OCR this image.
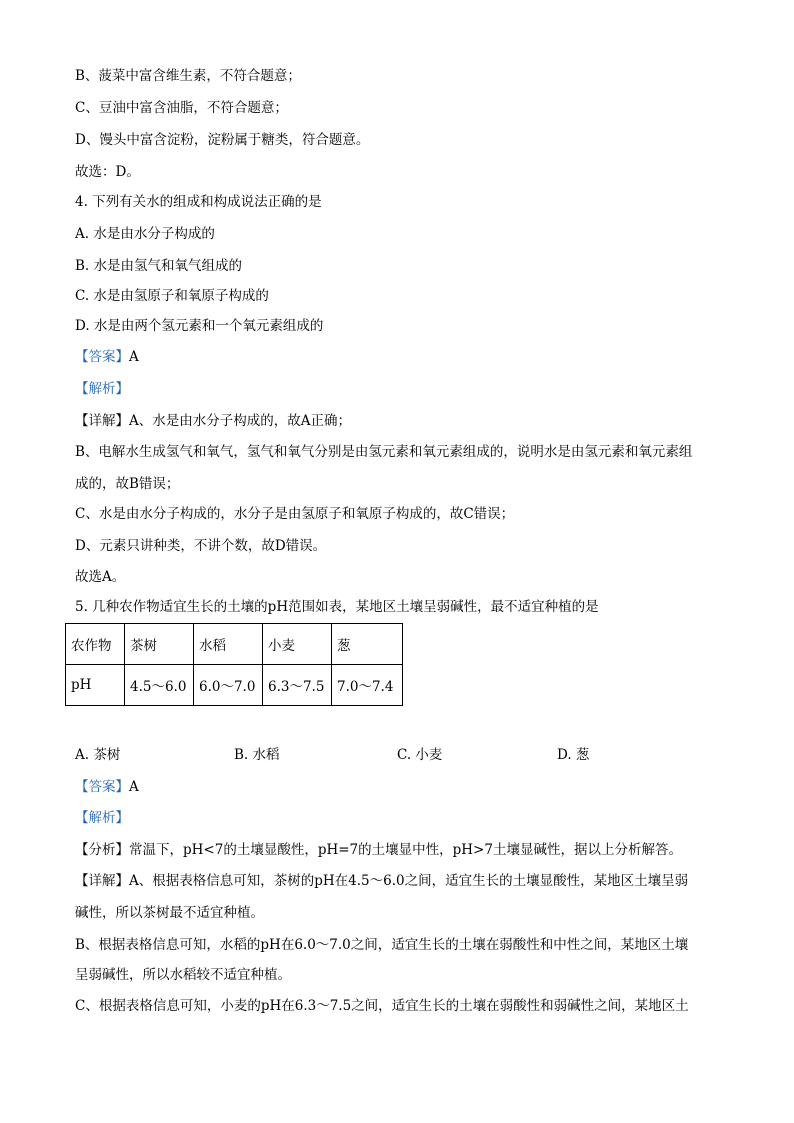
B、菠菜中富含维生素，不符合题意；

C、豆油中富含油脂，不符合题意；

D、馒头中富含淀粉，淀粉属于糖类，符合题意。

故选：D。

4. 下列有关水的组成和构成说法正确的是

A. 水是由水分子构成的

B. 水是由氢气和氧气组成的

C. 水是由氢原子和氧原子构成的

D. 水是由两个氢元素和一个氧元素组成的

【答案】A

【解析】

【详解】A、水是由水分子构成的，故A正确；

B、电解水生成氢气和氧气，氢气和氧气分别是由氢元素和氧元素组成的，说明水是由氢元素和氧元素组

成的，故B错误；

C、水是由水分子构成的，水分子是由氢原子和氧原子构成的，故C错误；

D、元素只讲种类，不讲个数，故D错误。

故选A。

5. 几种农作物适宜生长的土壤的pH范围如表，某地区土壤呈弱碱性，最不适宜种植的是

农作物	茶树	水稻	小麦	葱
pH	4.5～6.0	6.0～7.0	6.3～7.5	7.0～7.4
A. 茶树	B. 水稻	C. 小麦	D. 葱

【答案】A

【解析】

【分析】常温下，pH<7的土壤显酸性，pH=7的土壤显中性，pH>7土壤显碱性，据以上分析解答。

【详解】A、根据表格信息可知，茶树的pH在4.5～6.0之间，适宜生长的土壤显酸性，某地区土壤呈弱

碱性，所以茶树最不适宜种植。

B、根据表格信息可知，水稻的pH在6.0～7.0之间，适宜生长的土壤在弱酸性和中性之间，某地区土壤

呈弱碱性，所以水稻较不适宜种植。

C、根据表格信息可知，小麦的pH在6.3～7.5之间，适宜生长的土壤在弱酸性和弱碱性之间，某地区土
